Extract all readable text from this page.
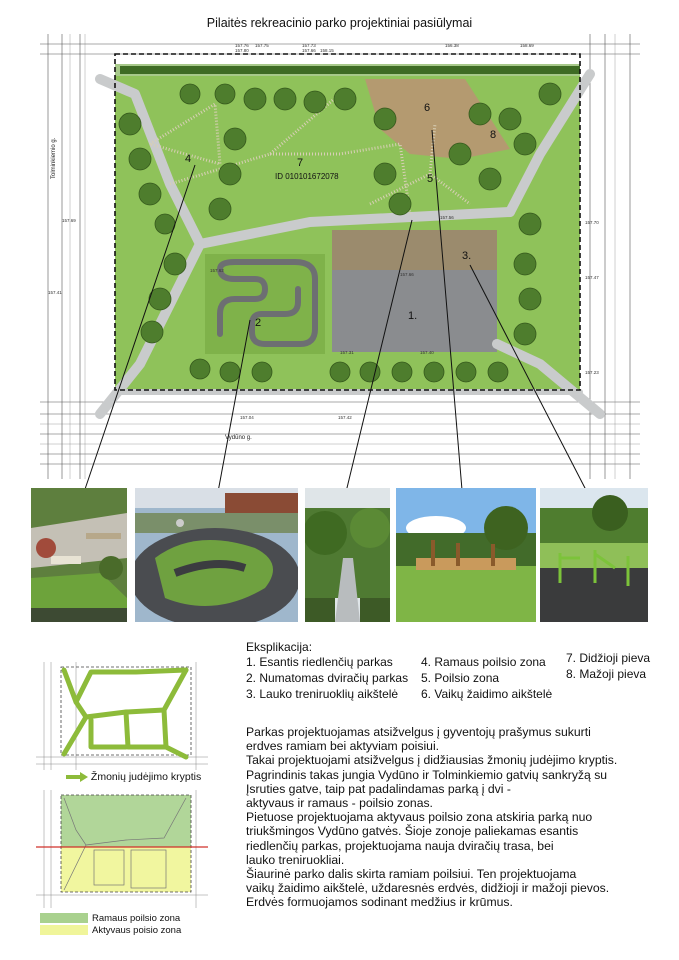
Pilaitės rekreacinio parko projektiniai pasiūlymai
1.
2
3.
4
5
6
7
8
ID 010101672078
Tolminkiemio g.
Vydūno g.
157.76
157.80
157.75	157.73
157.66 158.15
156.38	158.69
157.69	157.70
157.47
157.23
157.41
157.04	157.42
157.56
157.31	157.40
157.62
157.66
Eksplikacija:
1. Esantis riedlenčių parkas
2. Numatomas dviračių parkas
3. Lauko treniruoklių aikštelė
4. Ramaus poilsio zona
5. Poilsio zona
6. Vaikų žaidimo aikštelė
7. Didžioji pieva
8. Mažoji pieva
Parkas projektuojamas atsižvelgus į gyventojų prašymus sukurti
erdves ramiam bei aktyviam poisiui.
Takai projektuojami atsižvelgus į didžiausias žmonių judėjimo kryptis.
Pagrindinis takas jungia Vydūno ir Tolminkiemio gatvių sankryžą su
Įsruties gatve, taip pat padalindamas parką į dvi -
aktyvaus ir ramaus - poilsio zonas.
Pietuose projektuojama aktyvaus poilsio zona atskiria parką nuo
triukšmingos Vydūno gatvės. Šioje zonoje paliekamas esantis
riedlenčių parkas, projektuojama nauja dviračių trasa, bei
lauko treniruokliai.
Šiaurinė parko dalis skirta ramiam poilsiui. Ten projektuojama
vaikų žaidimo aikštelė, uždaresnės erdvės, didžioji ir mažoji pievos.
Erdvės formuojamos sodinant medžius ir krūmus.
Žmonių judėjimo kryptis
Ramaus poilsio zona
Aktyvaus poisio zona
